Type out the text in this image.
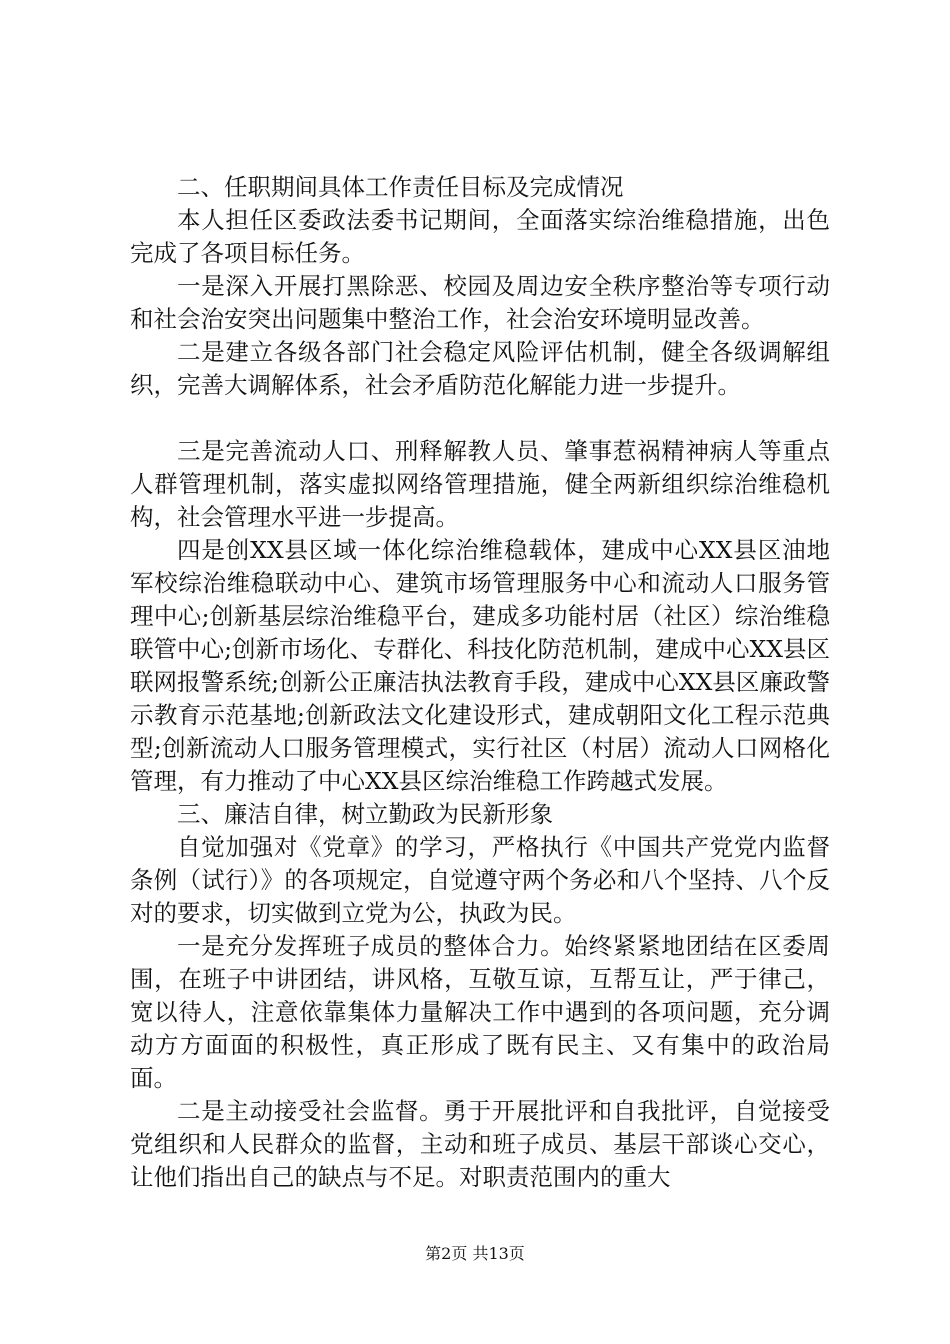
二、任职期间具体工作责任目标及完成情况

本人担任区委政法委书记期间，全面落实综治维稳措施，出色完成了各项目标任务。

一是深入开展打黑除恶、校园及周边安全秩序整治等专项行动和社会治安突出问题集中整治工作，社会治安环境明显改善。

二是建立各级各部门社会稳定风险评估机制，健全各级调解组织，完善大调解体系，社会矛盾防范化解能力进一步提升。

三是完善流动人口、刑释解教人员、肇事惹祸精神病人等重点人群管理机制，落实虚拟网络管理措施，健全两新组织综治维稳机构，社会管理水平进一步提高。

四是创XX县区域一体化综治维稳载体，建成中心XX县区油地军校综治维稳联动中心、建筑市场管理服务中心和流动人口服务管理中心;创新基层综治维稳平台，建成多功能村居（社区）综治维稳联管中心;创新市场化、专群化、科技化防范机制，建成中心XX县区联网报警系统;创新公正廉洁执法教育手段，建成中心XX县区廉政警示教育示范基地;创新政法文化建设形式，建成朝阳文化工程示范典型;创新流动人口服务管理模式，实行社区（村居）流动人口网格化管理，有力推动了中心XX县区综治维稳工作跨越式发展。

三、廉洁自律，树立勤政为民新形象

自觉加强对《党章》的学习，严格执行《中国共产党党内监督条例（试行）》的各项规定，自觉遵守两个务必和八个坚持、八个反对的要求，切实做到立党为公，执政为民。

一是充分发挥班子成员的整体合力。始终紧紧地团结在区委周围，在班子中讲团结，讲风格，互敬互谅，互帮互让，严于律己，宽以待人，注意依靠集体力量解决工作中遇到的各项问题，充分调动方方面面的积极性，真正形成了既有民主、又有集中的政治局面。

二是主动接受社会监督。勇于开展批评和自我批评，自觉接受党组织和人民群众的监督，主动和班子成员、基层干部谈心交心，让他们指出自己的缺点与不足。对职责范围内的重大

第2页 共13页
